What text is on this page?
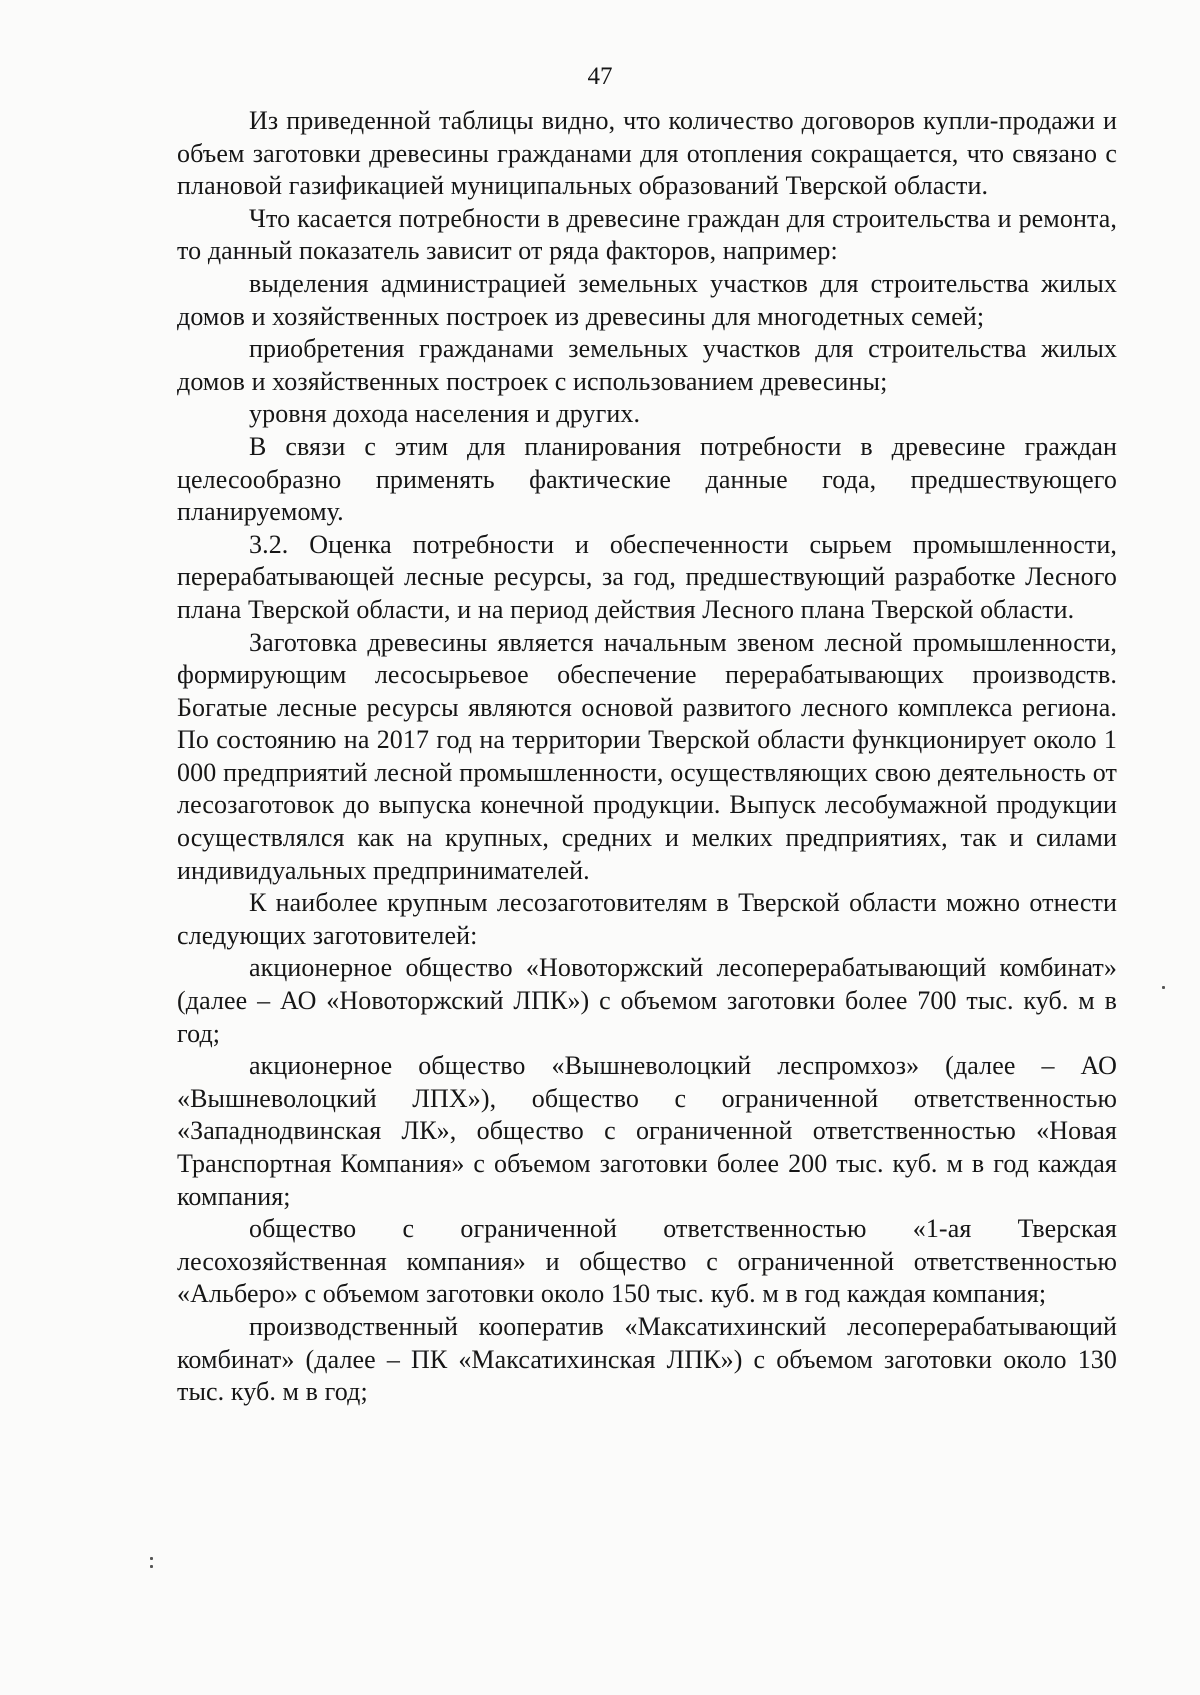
47

Из приведенной таблицы видно, что количество договоров купли-продажи и объем заготовки древесины гражданами для отопления сокращается, что связано с плановой газификацией муниципальных образований Тверской области.

Что касается потребности в древесине граждан для строительства и ремонта, то данный показатель зависит от ряда факторов, например:

выделения администрацией земельных участков для строительства жилых домов и хозяйственных построек из древесины для многодетных семей;

приобретения гражданами земельных участков для строительства жилых домов и хозяйственных построек с использованием древесины;

уровня дохода населения и других.

В связи с этим для планирования потребности в древесине граждан целесообразно применять фактические данные года, предшествующего планируемому.

3.2. Оценка потребности и обеспеченности сырьем промышленности, перерабатывающей лесные ресурсы, за год, предшествующий разработке Лесного плана Тверской области, и на период действия Лесного плана Тверской области.

Заготовка древесины является начальным звеном лесной промышленности, формирующим лесосырьевое обеспечение перерабатывающих производств. Богатые лесные ресурсы являются основой развитого лесного комплекса региона. По состоянию на 2017 год на территории Тверской области функционирует около 1 000 предприятий лесной промышленности, осуществляющих свою деятельность от лесозаготовок до выпуска конечной продукции. Выпуск лесобумажной продукции осуществлялся как на крупных, средних и мелких предприятиях, так и силами индивидуальных предпринимателей.

К наиболее крупным лесозаготовителям в Тверской области можно отнести следующих заготовителей:

акционерное общество «Новоторжский лесоперерабатывающий комбинат» (далее – АО «Новоторжский ЛПК») с объемом заготовки более 700 тыс. куб. м в год;

акционерное общество «Вышневолоцкий леспромхоз» (далее – АО «Вышневолоцкий ЛПХ»), общество с ограниченной ответственностью «Западнодвинская ЛК», общество с ограниченной ответственностью «Новая Транспортная Компания» с объемом заготовки более 200 тыс. куб. м в год каждая компания;

общество с ограниченной ответственностью «1-ая Тверская лесохозяйственная компания» и общество с ограниченной ответственностью «Альберо» с объемом заготовки около 150 тыс. куб. м в год каждая компания;

производственный кооператив «Максатихинский лесоперерабатывающий комбинат» (далее – ПК «Максатихинская ЛПК») с объемом заготовки около 130 тыс. куб. м в год;
